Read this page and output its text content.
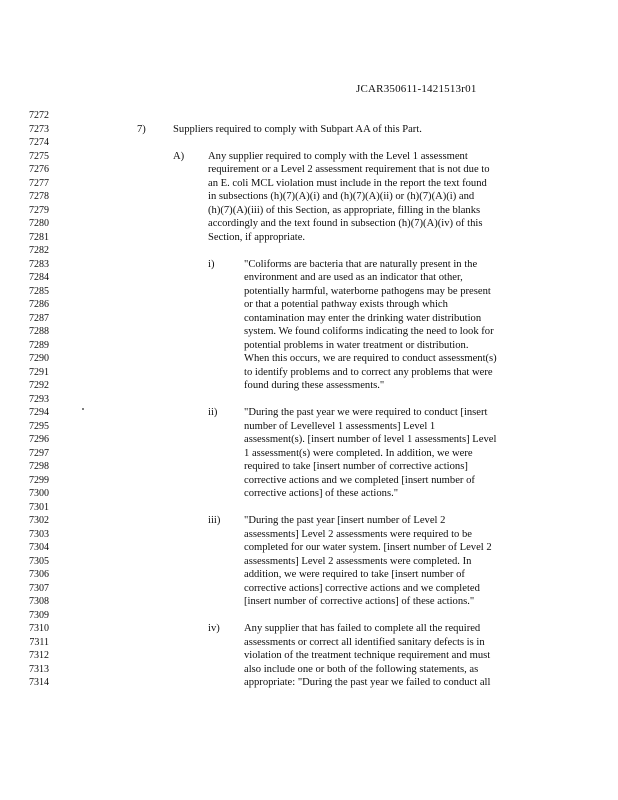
JCAR350611-1421513r01
7272
7273
7274
7275
7276
7277
7278
7279
7280
7281
7282
7283
7284
7285
7286
7287
7288
7289
7290
7291
7292
7293
7294
7295
7296
7297
7298
7299
7300
7301
7302
7303
7304
7305
7306
7307
7308
7309
7310
7311
7312
7313
7314
7)	Suppliers required to comply with Subpart AA of this Part.
A) Any supplier required to comply with the Level 1 assessment
requirement or a Level 2 assessment requirement that is not due to
an E. coli MCL violation must include in the report the text found
in subsections (h)(7)(A)(i) and (h)(7)(A)(ii) or (h)(7)(A)(i) and
(h)(7)(A)(iii) of this Section, as appropriate, filling in the blanks
accordingly and the text found in subsection (h)(7)(A)(iv) of this
Section, if appropriate.
i)	"Coliforms are bacteria that are naturally present in the
environment and are used as an indicator that other,
potentially harmful, waterborne pathogens may be present
or that a potential pathway exists through which
contamination may enter the drinking water distribution
system. We found coliforms indicating the need to look for
potential problems in water treatment or distribution.
When this occurs, we are required to conduct assessment(s)
to identify problems and to correct any problems that were
found during these assessments."
ii)	"During the past year we were required to conduct [insert
number of Levellevel 1 assessments] Level 1
assessment(s). [insert number of level 1 assessments] Level
1 assessment(s) were completed. In addition, we were
required to take [insert number of corrective actions]
corrective actions and we completed [insert number of
corrective actions] of these actions."
iii) "During the past year [insert number of Level 2
assessments] Level 2 assessments were required to be
completed for our water system. [insert number of Level 2
assessments] Level 2 assessments were completed. In
addition, we were required to take [insert number of
corrective actions] corrective actions and we completed
[insert number of corrective actions] of these actions."
iv) Any supplier that has failed to complete all the required
assessments or correct all identified sanitary defects is in
violation of the treatment technique requirement and must
also include one or both of the following statements, as
appropriate: "During the past year we failed to conduct all
